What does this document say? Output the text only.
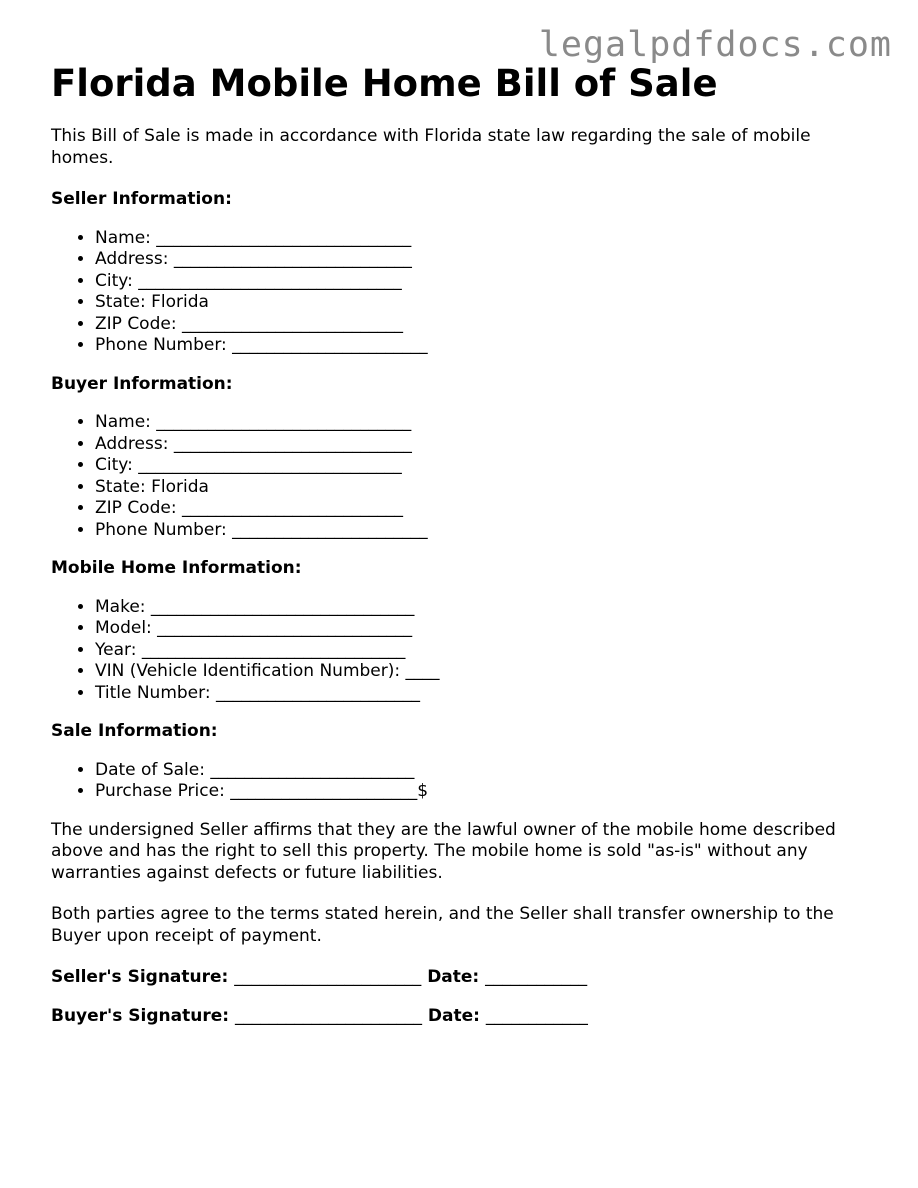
legalpdfdocs.com
Florida Mobile Home Bill of Sale

This Bill of Sale is made in accordance with Florida state law regarding the sale of mobile homes.

Seller Information:
• Name: ______________________________
• Address: ____________________________
• City: _______________________________
• State: Florida
• ZIP Code: __________________________
• Phone Number: _______________________
Buyer Information:
• Name: ______________________________
• Address: ____________________________
• City: _______________________________
• State: Florida
• ZIP Code: __________________________
• Phone Number: _______________________
Mobile Home Information:
• Make: _______________________________
• Model: ______________________________
• Year: _______________________________
• VIN (Vehicle Identification Number): ____
• Title Number: ________________________
Sale Information:
• Date of Sale: ________________________
• Purchase Price: ______________________$

The undersigned Seller affirms that they are the lawful owner of the mobile home described above and has the right to sell this property. The mobile home is sold "as-is" without any warranties against defects or future liabilities.

Both parties agree to the terms stated herein, and the Seller shall transfer ownership to the Buyer upon receipt of payment.

Seller's Signature: ______________________ Date: ____________
Buyer's Signature: ______________________ Date: ____________
